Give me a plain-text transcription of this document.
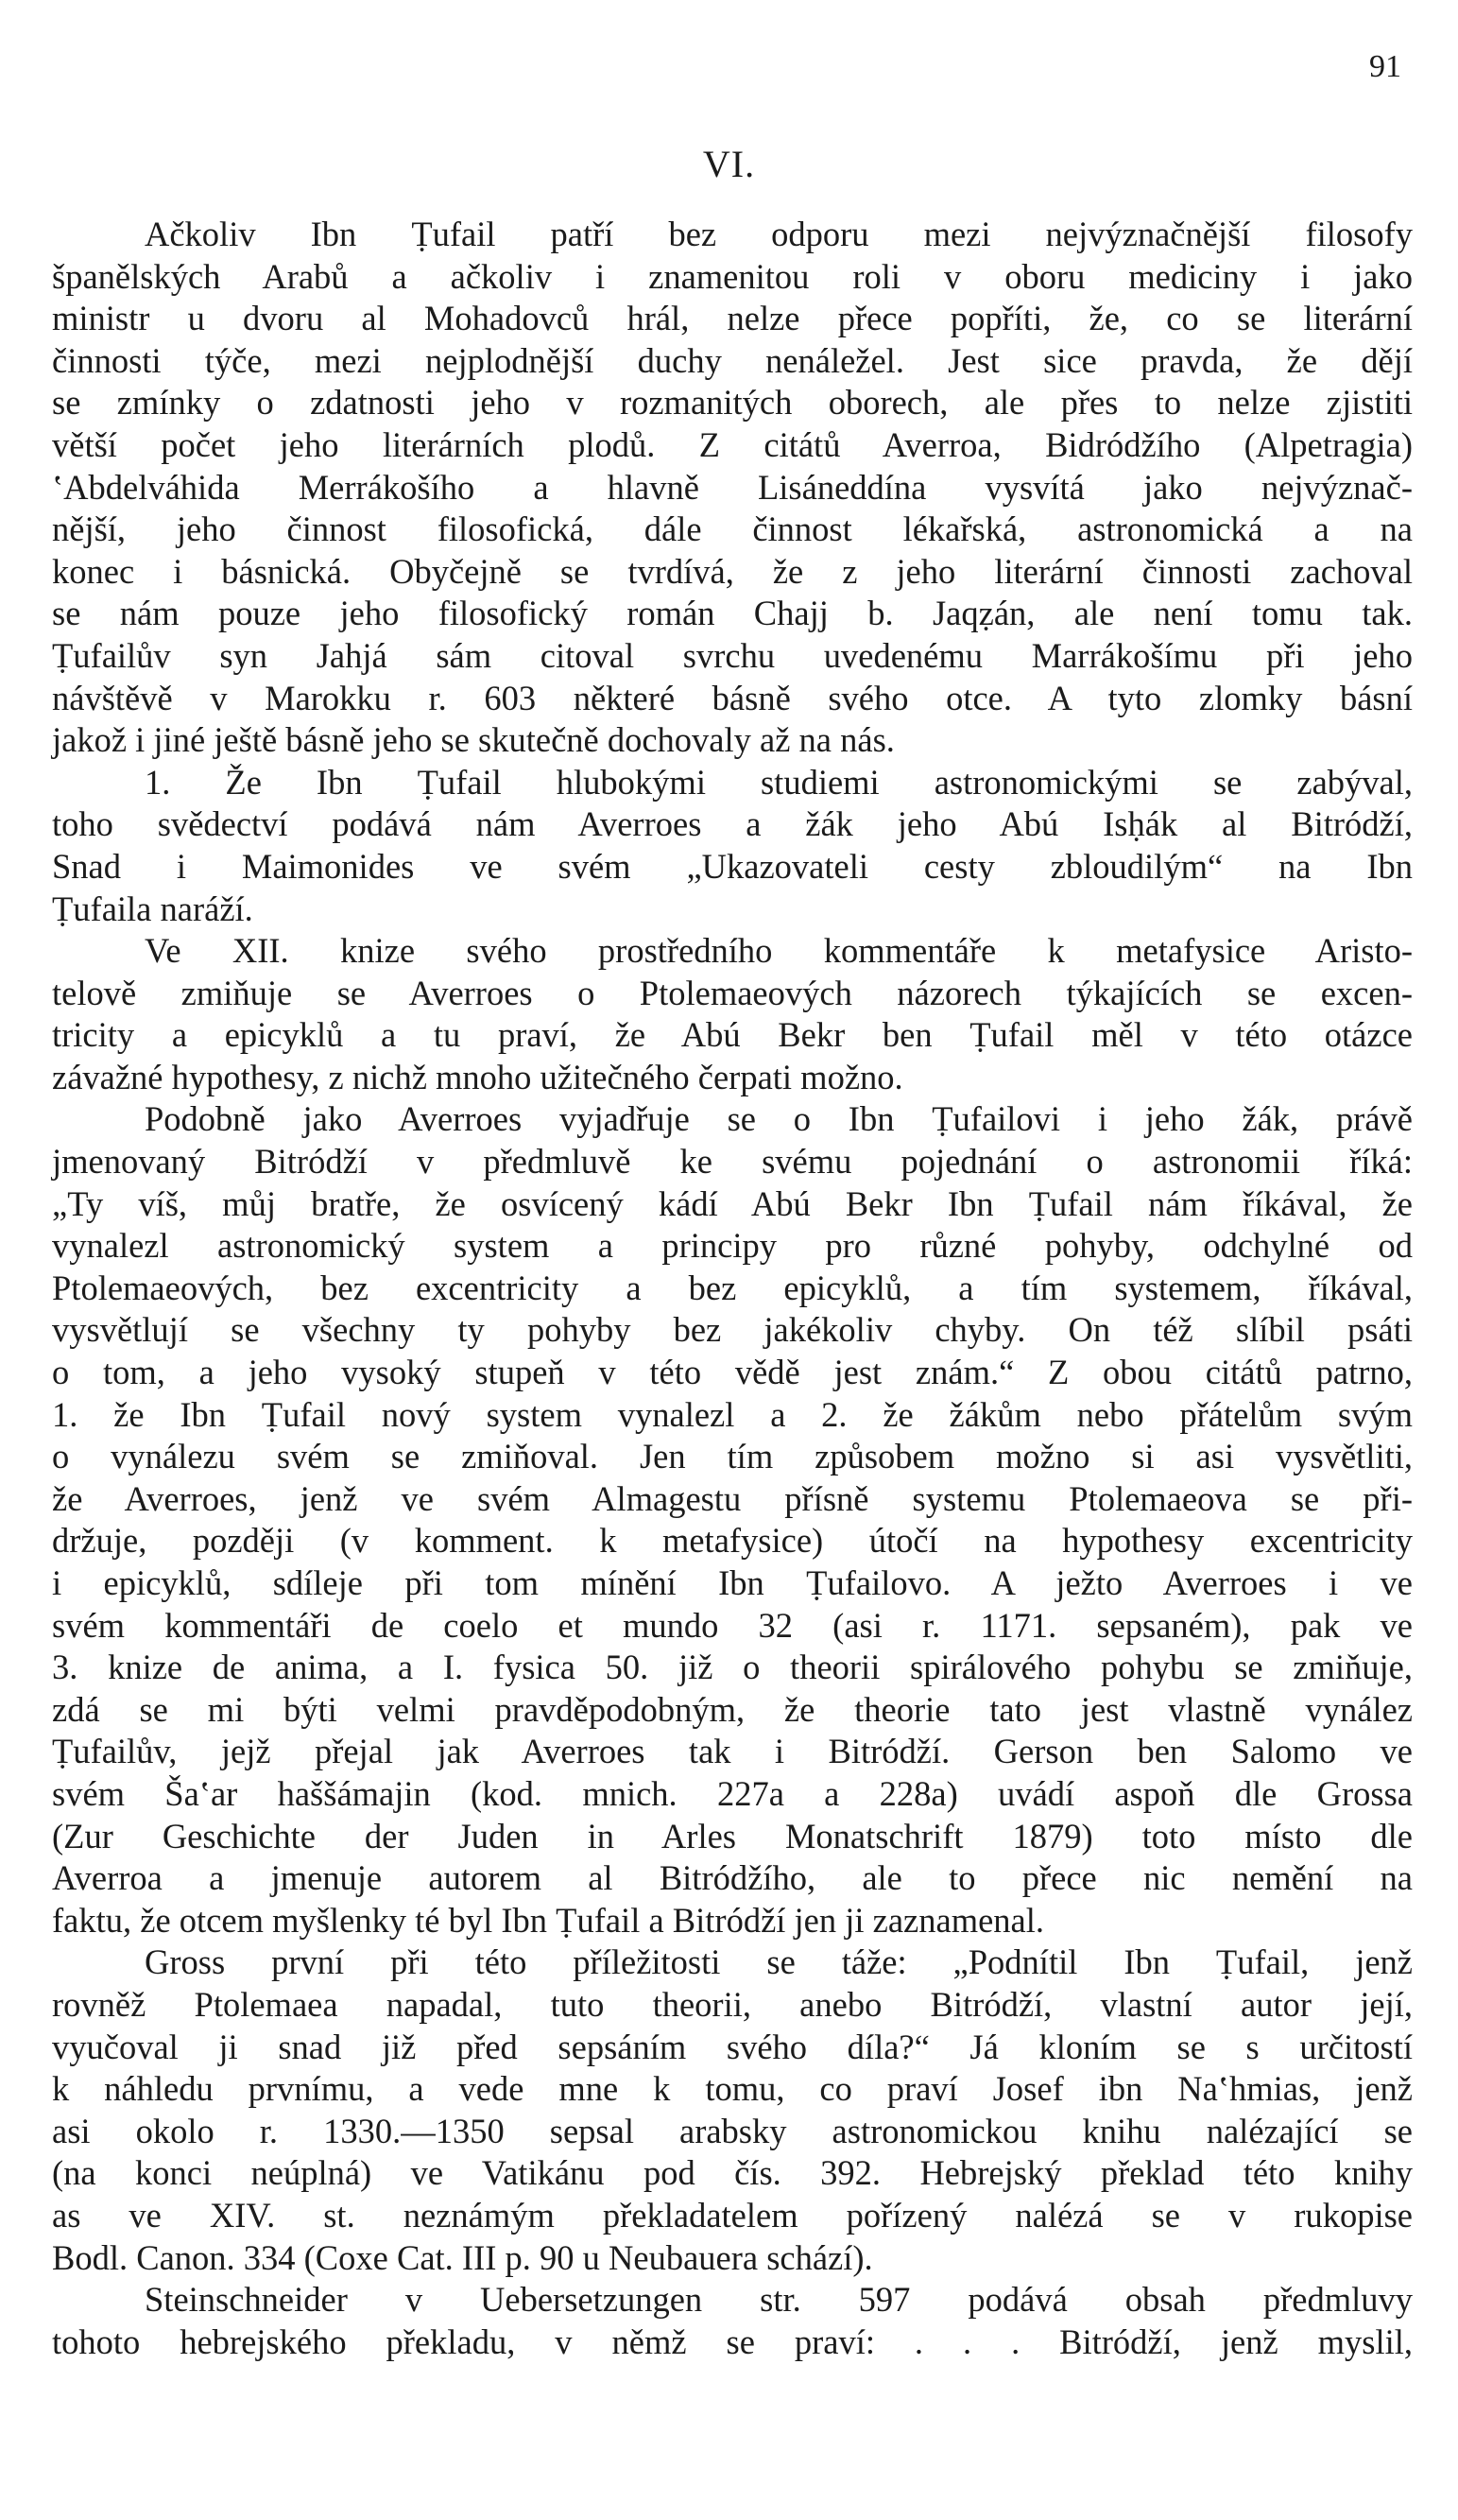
91
VI.
Ačkoliv Ibn Ṭufail patří bez odporu mezi nejvýznačnější filosofy
španělských Arabů a ačkoliv i znamenitou roli v oboru mediciny i jako
ministr u dvoru al Mohadovců hrál, nelze přece popříti, že, co se literární
činnosti týče, mezi nejplodnější duchy nenáležel. Jest sice pravda, že dějí
se zmínky o zdatnosti jeho v rozmanitých oborech, ale přes to nelze zjistiti
větší počet jeho literárních plodů. Z citátů Averroa, Bidródžího (Alpetragia)
ʽAbdelváhida Merrákošího a hlavně Lisáneddína vysvítá jako nejvýznač-
nější, jeho činnost filosofická, dále činnost lékařská, astronomická a na
konec i básnická. Obyčejně se tvrdívá, že z jeho literární činnosti zachoval
se nám pouze jeho filosofický román Chajj b. Jaqẓán, ale není tomu tak.
Ṭufailův syn Jahjá sám citoval svrchu uvedenému Marrákošímu při jeho
návštěvě v Marokku r. 603 některé básně svého otce. A tyto zlomky básní
jakož i jiné ještě básně jeho se skutečně dochovaly až na nás.
1. Že Ibn Ṭufail hlubokými studiemi astronomickými se zabýval,
toho svědectví podává nám Averroes a žák jeho Abú Isḥák al Bitródží,
Snad i Maimonides ve svém „Ukazovateli cesty zbloudilým“ na Ibn
Ṭufaila naráží.
Ve XII. knize svého prostředního kommentáře k metafysice Aristo-
telově zmiňuje se Averroes o Ptolemaeových názorech týkajících se excen-
tricity a epicyklů a tu praví, že Abú Bekr ben Ṭufail měl v této otázce
závažné hypothesy, z nichž mnoho užitečného čerpati možno.
Podobně jako Averroes vyjadřuje se o Ibn Ṭufailovi i jeho žák, právě
jmenovaný Bitródží v předmluvě ke svému pojednání o astronomii říká:
„Ty víš, můj bratře, že osvícený kádí Abú Bekr Ibn Ṭufail nám říkával, že
vynalezl astronomický system a principy pro různé pohyby, odchylné od
Ptolemaeových, bez excentricity a bez epicyklů, a tím systemem, říkával,
vysvětlují se všechny ty pohyby bez jakékoliv chyby. On též slíbil psáti
o tom, a jeho vysoký stupeň v této vědě jest znám.“ Z obou citátů patrno,
1. že Ibn Ṭufail nový system vynalezl a 2. že žákům nebo přátelům svým
o vynálezu svém se zmiňoval. Jen tím způsobem možno si asi vysvětliti,
že Averroes, jenž ve svém Almagestu přísně systemu Ptolemaeova se při-
držuje, později (v komment. k metafysice) útočí na hypothesy excentricity
i epicyklů, sdíleje při tom mínění Ibn Ṭufailovo. A ježto Averroes i ve
svém kommentáři de coelo et mundo 32 (asi r. 1171. sepsaném), pak ve
3. knize de anima, a I. fysica 50. již o theorii spirálového pohybu se zmiňuje,
zdá se mi býti velmi pravděpodobným, že theorie tato jest vlastně vynález
Ṭufailův, jejž přejal jak Averroes tak i Bitródží. Gerson ben Salomo ve
svém Šaʽar haššámajin (kod. mnich. 227a a 228a) uvádí aspoň dle Grossa
(Zur Geschichte der Juden in Arles Monatschrift 1879) toto místo dle
Averroa a jmenuje autorem al Bitródžího, ale to přece nic nemění na
faktu, že otcem myšlenky té byl Ibn Ṭufail a Bitródží jen ji zaznamenal.
Gross první při této příležitosti se táže: „Podnítil Ibn Ṭufail, jenž
rovněž Ptolemaea napadal, tuto theorii, anebo Bitródží, vlastní autor její,
vyučoval ji snad již před sepsáním svého díla?“ Já kloním se s určitostí
k náhledu prvnímu, a vede mne k tomu, co praví Josef ibn Naʽhmias, jenž
asi okolo r. 1330.—1350 sepsal arabsky astronomickou knihu nalézající se
(na konci neúplná) ve Vatikánu pod čís. 392. Hebrejský překlad této knihy
as ve XIV. st. neznámým překladatelem pořízený nalézá se v rukopise
Bodl. Canon. 334 (Coxe Cat. III p. 90 u Neubauera schází).
Steinschneider v Uebersetzungen str. 597 podává obsah předmluvy
tohoto hebrejského překladu, v němž se praví: . . . Bitródží, jenž myslil,
